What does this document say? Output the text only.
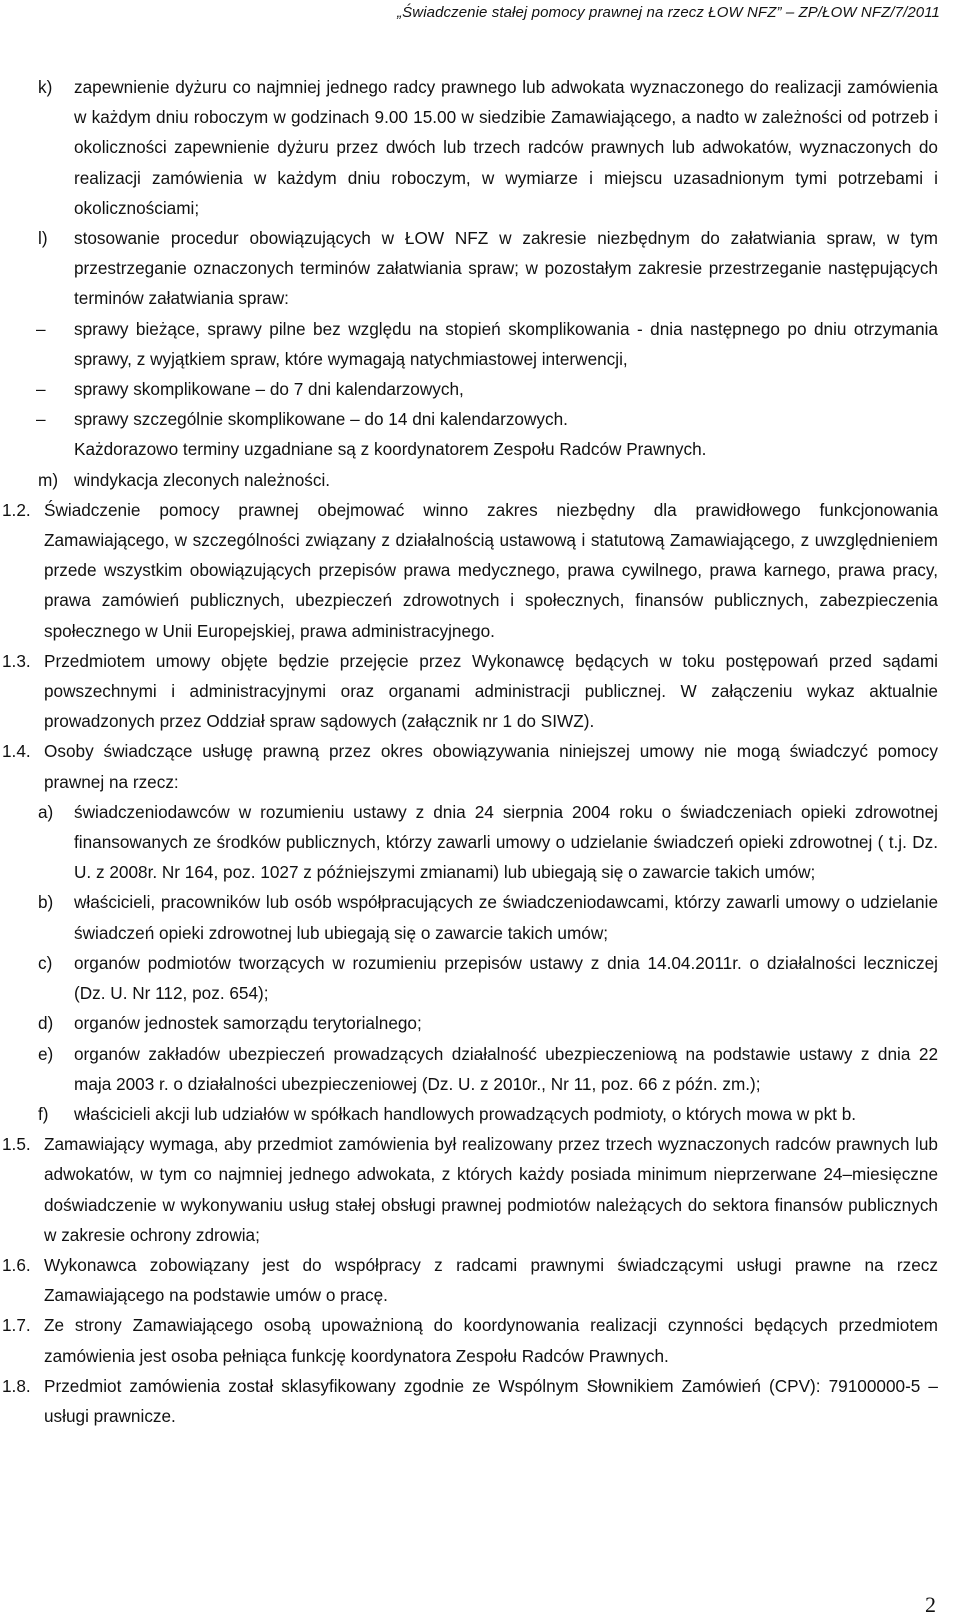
„Świadczenie stałej pomocy prawnej na rzecz ŁOW NFZ” – ZP/ŁOW NFZ/7/2011
k) zapewnienie dyżuru co najmniej jednego radcy prawnego lub adwokata wyznaczonego do realizacji zamówienia w każdym dniu roboczym w godzinach 9.00 15.00 w siedzibie Zamawiającego, a nadto w zależności od potrzeb i okoliczności zapewnienie dyżuru przez dwóch lub trzech radców prawnych lub adwokatów, wyznaczonych do realizacji zamówienia w każdym dniu roboczym, w wymiarze i miejscu uzasadnionym tymi potrzebami i okolicznościami;
l) stosowanie procedur obowiązujących w ŁOW NFZ w zakresie niezbędnym do załatwiania spraw, w tym przestrzeganie oznaczonych terminów załatwiania spraw; w pozostałym zakresie przestrzeganie następujących terminów załatwiania spraw:
– sprawy bieżące, sprawy pilne bez względu na stopień skomplikowania - dnia następnego po dniu otrzymania sprawy, z wyjątkiem spraw, które wymagają natychmiastowej interwencji,
– sprawy skomplikowane – do 7 dni kalendarzowych,
– sprawy szczególnie skomplikowane – do 14 dni kalendarzowych.
Każdorazowo terminy uzgadniane są z koordynatorem Zespołu Radców Prawnych.
m) windykacja zleconych należności.
1.2. Świadczenie pomocy prawnej obejmować winno zakres niezbędny dla prawidłowego funkcjonowania Zamawiającego, w szczególności związany z działalnością ustawową i statutową Zamawiającego, z uwzględnieniem przede wszystkim obowiązujących przepisów prawa medycznego, prawa cywilnego, prawa karnego, prawa pracy, prawa zamówień publicznych, ubezpieczeń zdrowotnych i społecznych, finansów publicznych, zabezpieczenia społecznego w Unii Europejskiej, prawa administracyjnego.
1.3. Przedmiotem umowy objęte będzie przejęcie przez Wykonawcę będących w toku postępowań przed sądami powszechnymi i administracyjnymi oraz organami administracji publicznej. W załączeniu wykaz aktualnie prowadzonych przez Oddział spraw sądowych (załącznik nr 1 do SIWZ).
1.4. Osoby świadczące usługę prawną przez okres obowiązywania niniejszej umowy nie mogą świadczyć pomocy prawnej na rzecz:
a) świadczeniodawców w rozumieniu ustawy z dnia 24 sierpnia 2004 roku o świadczeniach opieki zdrowotnej finansowanych ze środków publicznych, którzy zawarli umowy o udzielanie świadczeń opieki zdrowotnej ( t.j. Dz. U. z 2008r. Nr 164, poz. 1027 z późniejszymi zmianami) lub ubiegają się o zawarcie takich umów;
b) właścicieli, pracowników lub osób współpracujących ze świadczeniodawcami, którzy zawarli umowy o udzielanie świadczeń opieki zdrowotnej lub ubiegają się o zawarcie takich umów;
c) organów podmiotów tworzących w rozumieniu przepisów ustawy z dnia 14.04.2011r. o działalności leczniczej (Dz. U. Nr 112, poz. 654);
d) organów jednostek samorządu terytorialnego;
e) organów zakładów ubezpieczeń prowadzących działalność ubezpieczeniową na podstawie ustawy z dnia 22 maja 2003 r. o działalności ubezpieczeniowej (Dz. U. z 2010r., Nr 11, poz. 66 z późn. zm.);
f) właścicieli akcji lub udziałów w spółkach handlowych prowadzących podmioty, o których mowa w pkt b.
1.5. Zamawiający wymaga, aby przedmiot zamówienia był realizowany przez trzech wyznaczonych radców prawnych lub adwokatów, w tym co najmniej jednego adwokata, z których każdy posiada minimum nieprzerwane 24–miesięczne doświadczenie w wykonywaniu usług stałej obsługi prawnej podmiotów należących do sektora finansów publicznych w zakresie ochrony zdrowia;
1.6. Wykonawca zobowiązany jest do współpracy z radcami prawnymi świadczącymi usługi prawne na rzecz Zamawiającego na podstawie umów o pracę.
1.7. Ze strony Zamawiającego osobą upoważnioną do koordynowania realizacji czynności będących przedmiotem zamówienia jest osoba pełniąca funkcję koordynatora Zespołu Radców Prawnych.
1.8. Przedmiot zamówienia został sklasyfikowany zgodnie ze Wspólnym Słownikiem Zamówień (CPV): 79100000-5 – usługi prawnicze.
2
